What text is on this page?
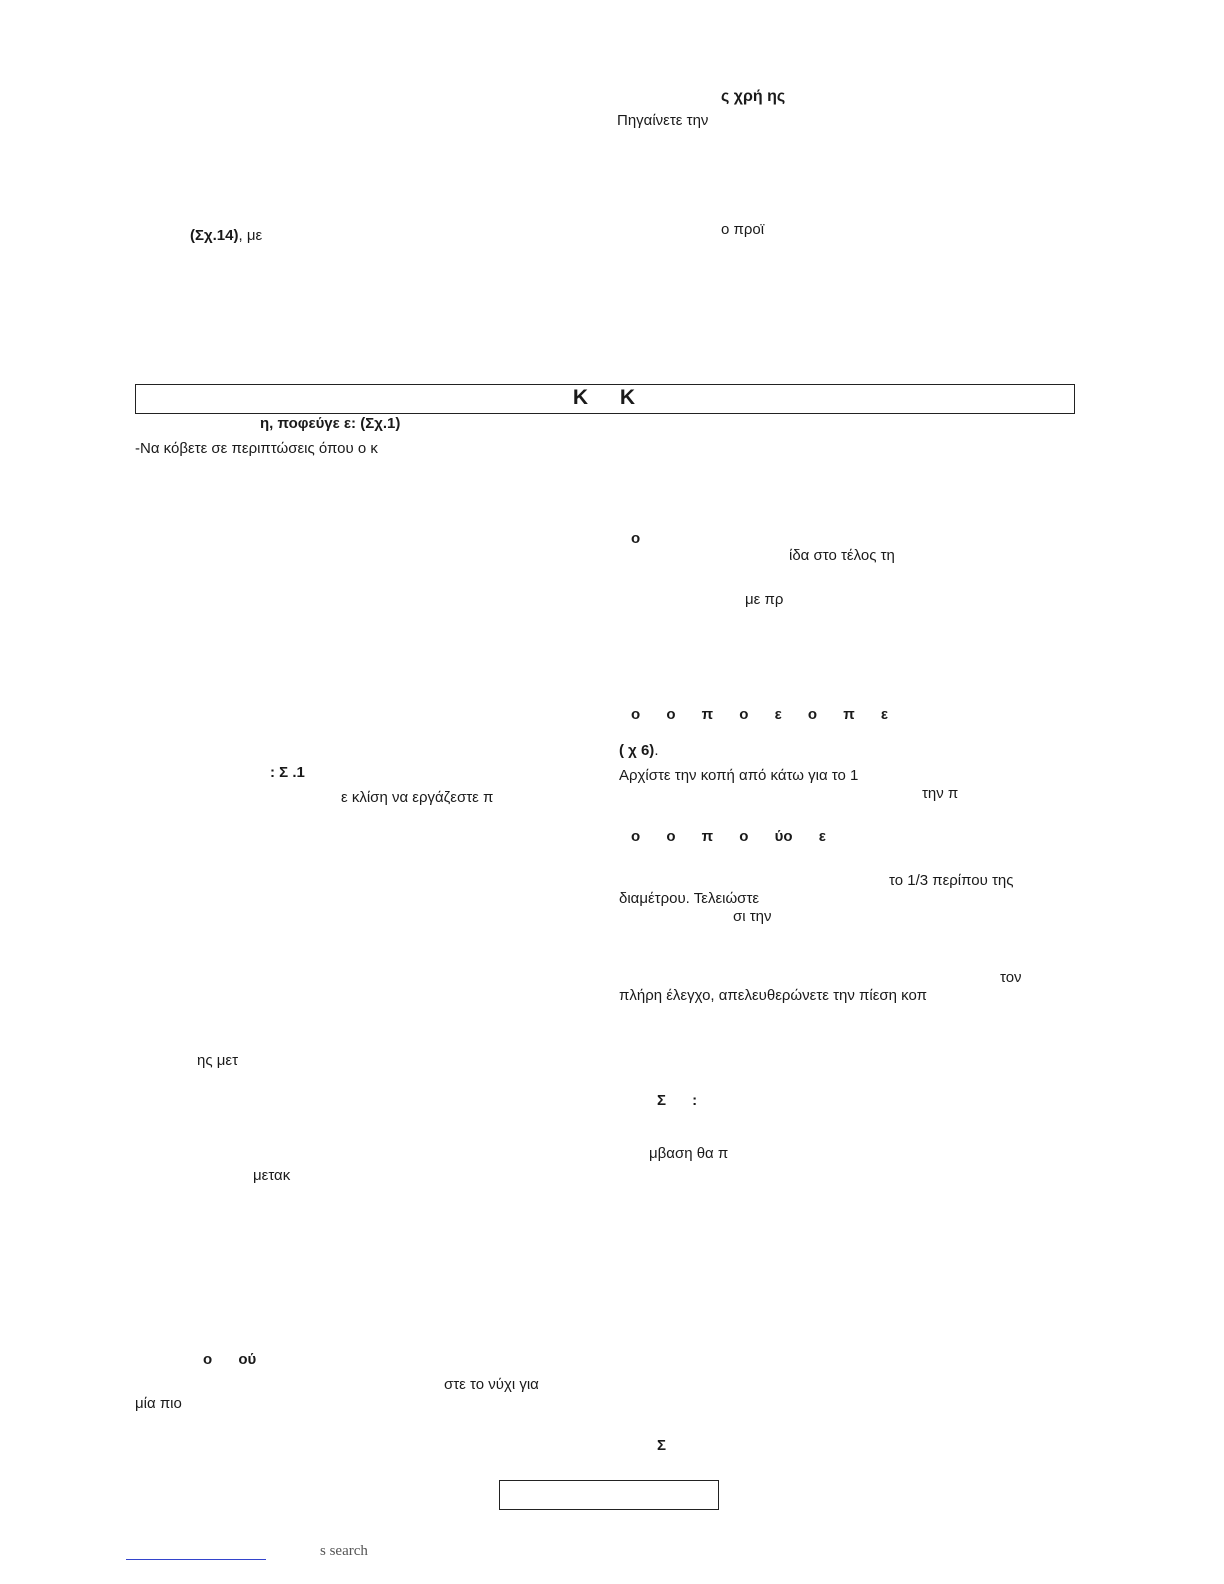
ς χρή ης
Πηγαίνετε την
ο προϊ
(Σχ.14), με
Κ Κ
η, ποφεύγε ε: (Σχ.1)
-Να κόβετε σε περιπτώσεις όπου ο κ
: Σ .1
ε κλίση να εργάζεστε π
ης μετ
μετακ
ο ού
στε το νύχι για
μία πιο
ο
ίδα στο τέλος τη
με πρ
ο ο π ο ε ο π ε
( χ 6).
Αρχίστε την κοπή από κάτω για το 1
την π
ο ο π ο ύο ε
το 1/3 περίπου της
διαμέτρου. Τελειώστε
σι την
τον
πλήρη έλεγχο, απελευθερώνετε την πίεση κοπ
Σ :
μβαση θα π
Σ
s search
